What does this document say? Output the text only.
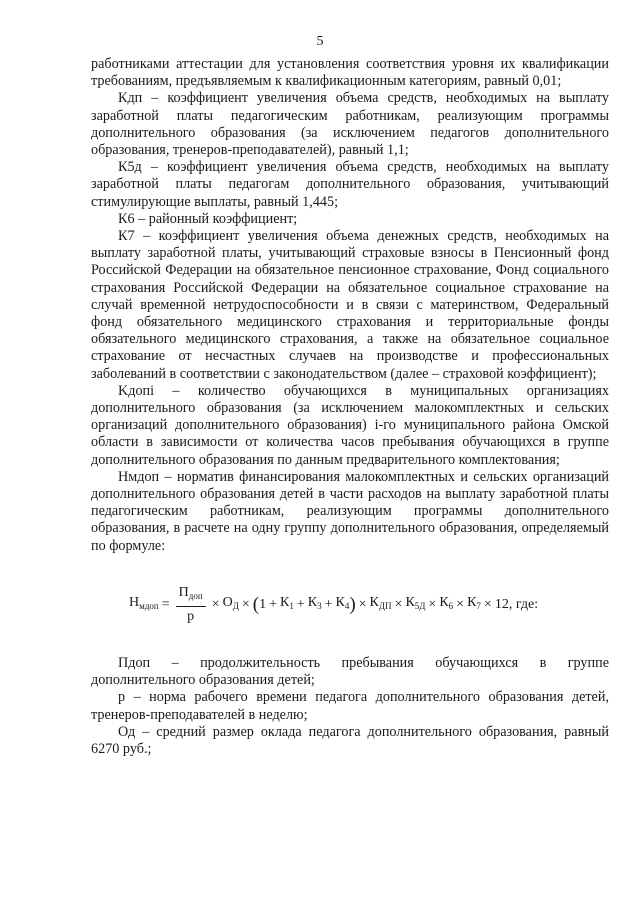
5

работниками аттестации для установления соответствия уровня их квалификации требованиям, предъявляемым к квалификационным категориям, равный 0,01;

Кдп – коэффициент увеличения объема средств, необходимых на выплату заработной платы педагогическим работникам, реализующим программы дополнительного образования (за исключением педагогов дополнительного образования, тренеров-преподавателей), равный 1,1;

К5д – коэффициент увеличения объема средств, необходимых на выплату заработной платы педагогам дополнительного образования, учитывающий стимулирующие выплаты, равный 1,445;

К6 – районный коэффициент;

К7 – коэффициент увеличения объема денежных средств, необходимых на выплату заработной платы, учитывающий страховые взносы в Пенсионный фонд Российской Федерации на обязательное пенсионное страхование, Фонд социального страхования Российской Федерации на обязательное социальное страхование на случай временной нетрудоспособности и в связи с материнством, Федеральный фонд обязательного медицинского страхования и территориальные фонды обязательного медицинского страхования, а также на обязательное социальное страхование от несчастных случаев на производстве и профессиональных заболеваний в соответствии с законодательством (далее – страховой коэффициент);

Kдопi – количество обучающихся в муниципальных организациях дополнительного образования (за исключением малокомплектных и сельских организаций дополнительного образования) i-го муниципального района Омской области в зависимости от количества часов пребывания обучающихся в группе дополнительного образования по данным предварительного комплектования;

Нмдоп – норматив финансирования малокомплектных и сельских организаций дополнительного образования детей в части расходов на выплату заработной платы педагогическим работникам, реализующим программы дополнительного образования, в расчете на одну группу дополнительного образования, определяемый по формуле:

$Н_{мдоп} = \frac{П_{доп}}{p} \times О_Д$ × ( $1 + К_1 + К_3 + К_4$ ) × $К_{ДП} \times К_{5Д} \times К_6 \times К_7 \times 12$ , где:

Пдоп – продолжительность пребывания обучающихся в группе дополнительного образования детей;

p – норма рабочего времени педагога дополнительного образования детей, тренеров-преподавателей в неделю;

Од – средний размер оклада педагога дополнительного образования, равный 6270 руб.;
